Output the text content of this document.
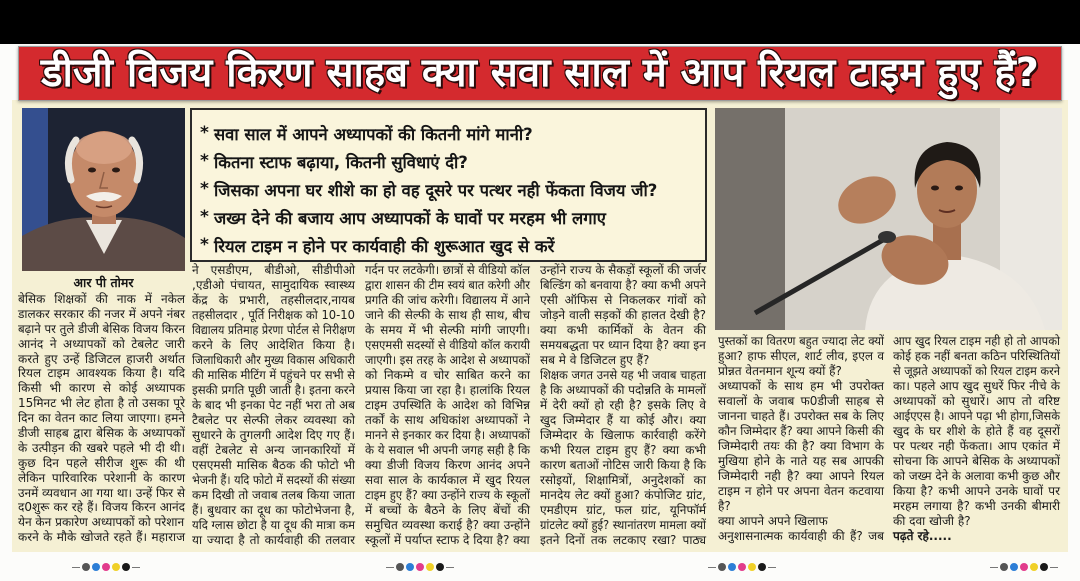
डीजी विजय किरण साहब क्या सवा साल में आप रियल टाइम हुए हैं?
आर पी तोमर
* सवा साल में आपने अध्यापकों की कितनी मांगे मानी?
* कितना स्टाफ बढ़ाया, कितनी सुविधाएं दी?
* जिसका अपना घर शीशे का हो वह दूसरे पर पत्थर नही फेंकता विजय जी?
* जख्म देने की बजाय आप अध्यापकों के घावों पर मरहम भी लगाए
* रियल टाइम न होने पर कार्यवाही की शुरूआत खुद से करें
बेसिक शिक्षकों की नाक में नकेल
डालकर सरकार की नजर में अपने नंबर
बढ़ाने पर तुले डीजी बेसिक विजय किरन
आनंद ने अध्यापकों को टेबलेट जारी
करते हुए उन्हें डिजिटल हाजरी अर्थात
रियल टाइम आवश्यक किया है। यदि
किसी भी कारण से कोई अध्यापक
15मिनट भी लेट होता है तो उसका पूरे
दिन का वेतन काट लिया जाएगा। हमने
डीजी साहब द्वारा बेसिक के अध्यापकों
के उत्पीड़न की खबरे पहले भी दी थी।
कुछ दिन पहले सीरीज शुरू की थी
लेकिन पारिवारिक परेशानी के कारण
उनमें व्यवधान आ गया था। उन्हें फिर से
द0शुरू कर रहे हैं। विजय किरन आनंद
येन केन प्रकारेण अध्यापकों को परेशान
करने के मौके खोजते रहते हैं। महाराज
ने एसडीएम, बीडीओ, सीडीपीओ
,एडीओ पंचायत, सामुदायिक स्वास्थ्य
केंद्र के प्रभारी, तहसीलदार,नायब
तहसीलदार , पूर्ति निरीक्षक को 10-10
विद्यालय प्रतिमाह प्रेरणा पोर्टल से निरीक्षण
करने के लिए आदेशित किया है।
जिलाधिकारी और मुख्य विकास अधिकारी
की मासिक मीटिंग में पहुंचने पर सभी से
इसकी प्रगति पूछी जाती है। इतना करने
के बाद भी इनका पेट नहीं भरा तो अब
टैबलेट पर सेल्फी लेकर व्यवस्था को
सुधारने के तुगलगी आदेश दिए गए हैं।
वहीं टेबलेट से अन्य जानकारियों में
एसएमसी मासिक बैठक की फोटो भी
भेजनी हैं। यदि फोटो में सदस्यों की संख्या
कम दिखी तो जवाब तलब किया जाता
हैं। बुधवार का दूध का फोटोभेजना है,
यदि ग्लास छोटा है या दूध की मात्रा कम
या ज्यादा है तो कार्यवाही की तलवार
गर्दन पर लटकेगी। छात्रों से वीडियो कॉल
द्वारा शासन की टीम स्वयं बात करेगी और
प्रगति की जांच करेगी। विद्यालय में आने
जाने की सेल्फी के साथ ही साथ, बीच
के समय में भी सेल्फी मांगी जाएगी।
एसएमसी सदस्यों से वीडियो कॉल करायी
जाएगी। इस तरह के आदेश से अध्यापकों
को निकम्मे व चोर साबित करने का
प्रयास किया जा रहा है। हालांकि रियल
टाइम उपस्थिति के आदेश को विभिन्न
तर्कों के साथ अधिकांश अध्यापकों ने
मानने से इनकार कर दिया है। अध्यापकों
के ये सवाल भी अपनी जगह सही है कि
क्या डीजी विजय किरण आनंद अपने
सवा साल के कार्यकाल में खुद रियल
टाइम हुए हैं? क्या उन्होंने राज्य के स्कूलों
में बच्चों के बैठने के लिए बेंचों की
समुचित व्यवस्था कराई है? क्या उन्होंने
स्कूलों में पर्याप्त स्टाफ दे दिया है? क्या
उन्होंने राज्य के सैकड़ों स्कूलों की जर्जर
बिल्डिंग को बनवाया है? क्या कभी अपने
एसी ऑफिस से निकलकर गांवों को
जोड़ने वाली सड़कों की हालत देखी है?
क्या कभी कार्मिकों के वेतन की
समयबद्धता पर ध्यान दिया है? क्या इन
सब मे वे डिजिटल हुए हैं?
शिक्षक जगत उनसे यह भी जवाब चाहता
है कि अध्यापकों की पदोन्नति के मामलों
में देरी क्यों हो रही है? इसके लिए वे
खुद जिम्मेदार हैं या कोई और। क्या
जिम्मेदार के खिलाफ कार्रवाही करेंगे
कभी रियल टाइम हुए हैं? क्या कभी
कारण बताओं नोटिस जारी किया है कि
रसोइयों, शिक्षामित्रों, अनुदेशकों का
मानदेय लेट क्यों हुआ? कंपोजिट ग्रांट,
एमडीएम ग्रांट, फल ग्रांट, यूनिफॉर्म
ग्रांटलेट क्यों हुई? स्थानांतरण मामला क्यों
इतने दिनों तक लटकाए रखा? पाठ्य
पुस्तकों का वितरण बहुत ज्यादा लेट क्यों
हुआ? हाफ सीएल, शार्ट लीव, इएल व
प्रोन्नत वेतनमान शून्य क्यों हैं?
अध्यापकों के साथ हम भी उपरोक्त
सवालों के जवाब फ0डीजी साहब से
जानना चाहते हैं। उपरोक्त सब के लिए
कौन जिम्मेदार हैं? क्या आपने किसी की
जिम्मेदारी तयः की है? क्या विभाग के
मुखिया होने के नाते यह सब आपकी
जिम्मेदारी नही है? क्या आपने रियल
टाइम न होने पर अपना वेतन कटवाया
है?
क्या आपने अपने खिलाफ
अनुशासनात्मक कार्यवाही की हैं? जब
आप खुद रियल टाइम नही हो तो आपको
कोई हक नहीं बनता कठिन परिस्थितियों
से जूझते अध्यापकों को रियल टाइम करने
का। पहले आप खुद सुधरें फिर नीचे के
अध्यापकों को सुधारें। आप तो वरिष्ट
आईएएस है। आपने पढ़ा भी होगा,जिसके
खुद के घर शीशे के होते हैं वह दूसरों
पर पत्थर नही फेंकता। आप एकांत में
सोचना कि आपने बेसिक के अध्यापकों
को जख्म देने के अलावा कभी कुछ और
किया है? कभी आपने उनके घावों पर
मरहम लगाया है? कभी उनकी बीमारी
की दवा खोजी है?
पढ़ते रहे.....
